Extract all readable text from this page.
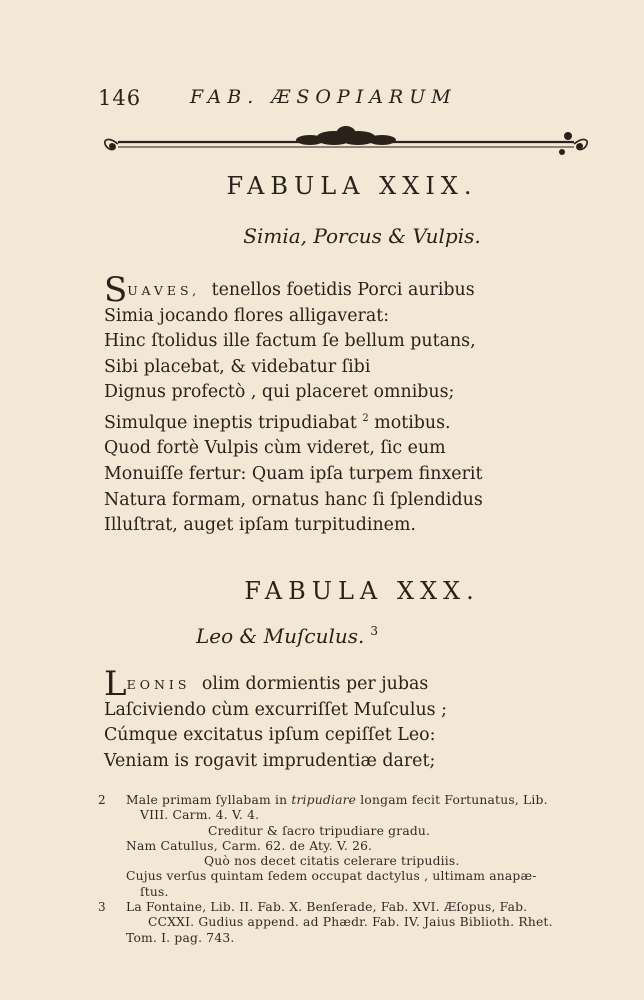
146	FAB. ÆSOPIARUM
FABULA XXIX.
Simia, Porcus & Vulpis.
SUAVES, tenellos foetidis Porci auribus
Simia jocando flores alligaverat:
Hinc ſtolidus ille factum ſe bellum putans,
Sibi placebat, & videbatur ſibi
Dignus profectò , qui placeret omnibus;
Simulque ineptis tripudiabat $^2$ motibus.
Quod fortè Vulpis cùm videret, ſic eum
Monuiſſe fertur: Quam ipſa turpem finxerit
Natura formam, ornatus hanc ſi ſplendidus
Illuſtrat, auget ipſam turpitudinem.
FABULA XXX.
Leo & Muſculus. $^3$
LEONIS olim dormientis per jubas
Laſciviendo cùm excurriſſet Muſculus ;
Cúmque excitatus ipſum cepiſſet Leo:
Veniam is rogavit imprudentiæ daret;
2 Male primam ſyllabam in tripudiare longam fecit Fortunatus, Lib.
VIII. Carm. 4. V. 4.
Creditur & ſacro tripudiare gradu.
Nam Catullus, Carm. 62. de Aty. V. 26.
Quò nos decet citatis celerare tripudiis.
Cujus verſus quintam ſedem occupat dactylus , ultimam anapæ-
ſtus.
3 La Fontaine, Lib. II. Fab. X. Benſerade, Fab. XVI. Æſopus, Fab.
CCXXI. Gudius append. ad Phædr. Fab. IV. Jaius Biblioth. Rhet.
Tom. I. pag. 743.
